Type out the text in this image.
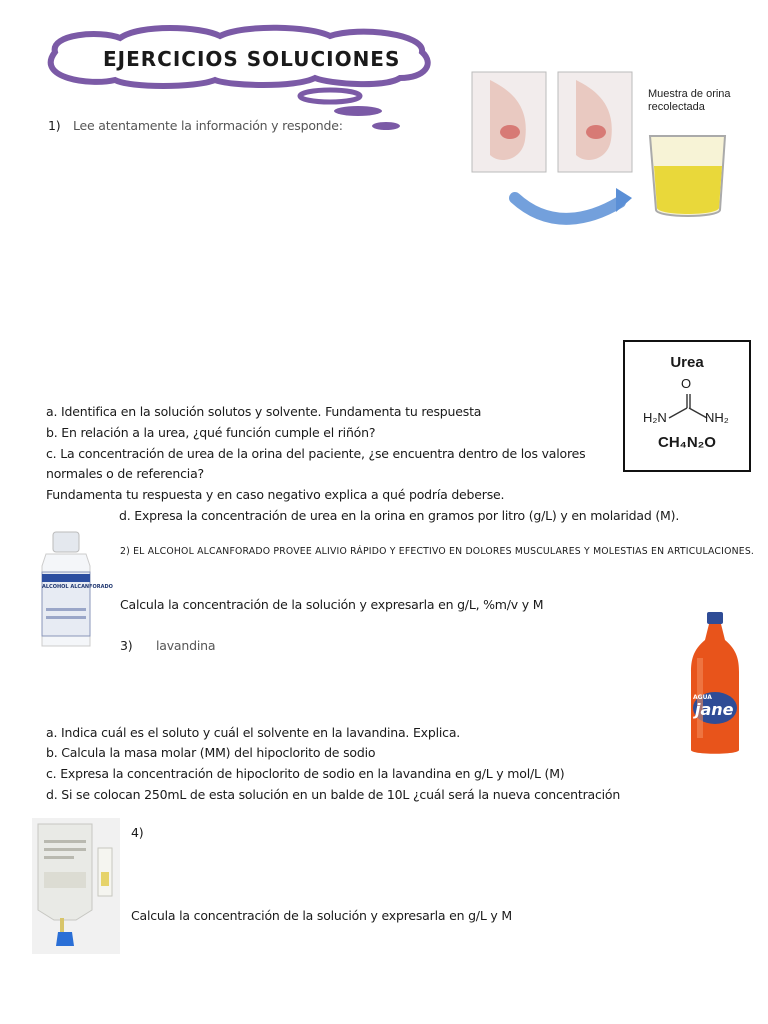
EJERCICIOS SOLUCIONES
1) Lee atentamente la información y responde:
Muestra de orina recolectada
Urea
O
H₂N	NH₂
CH₄N₂O
a. Identifica en la solución solutos y solvente. Fundamenta tu respuesta
b. En relación a la urea, ¿qué función cumple el riñón?
c. La concentración de urea de la orina del paciente, ¿se encuentra dentro de los valores
normales o de referencia?
Fundamenta tu respuesta y en caso negativo explica a qué podría deberse.
d. Expresa la concentración de urea en la orina en gramos por litro (g/L) y en molaridad (M).
ALCOHOL ALCANFORADO
2) EL ALCOHOL ALCANFORADO PROVEE ALIVIO RÁPIDO Y EFECTIVO EN DOLORES MUSCULARES Y MOLESTIAS EN ARTICULACIONES.
Calcula la concentración de la solución y expresarla en g/L, %m/v y M
3) lavandina
AGUA
jane
a. Indica cuál es el soluto y cuál el solvente en la lavandina. Explica.
b. Calcula la masa molar (MM) del hipoclorito de sodio
c. Expresa la concentración de hipoclorito de sodio en la lavandina en g/L y mol/L (M)
d. Si se colocan 250mL de esta solución en un balde de 10L ¿cuál será la nueva concentración
4)
Calcula la concentración de la solución y expresarla en g/L y M
